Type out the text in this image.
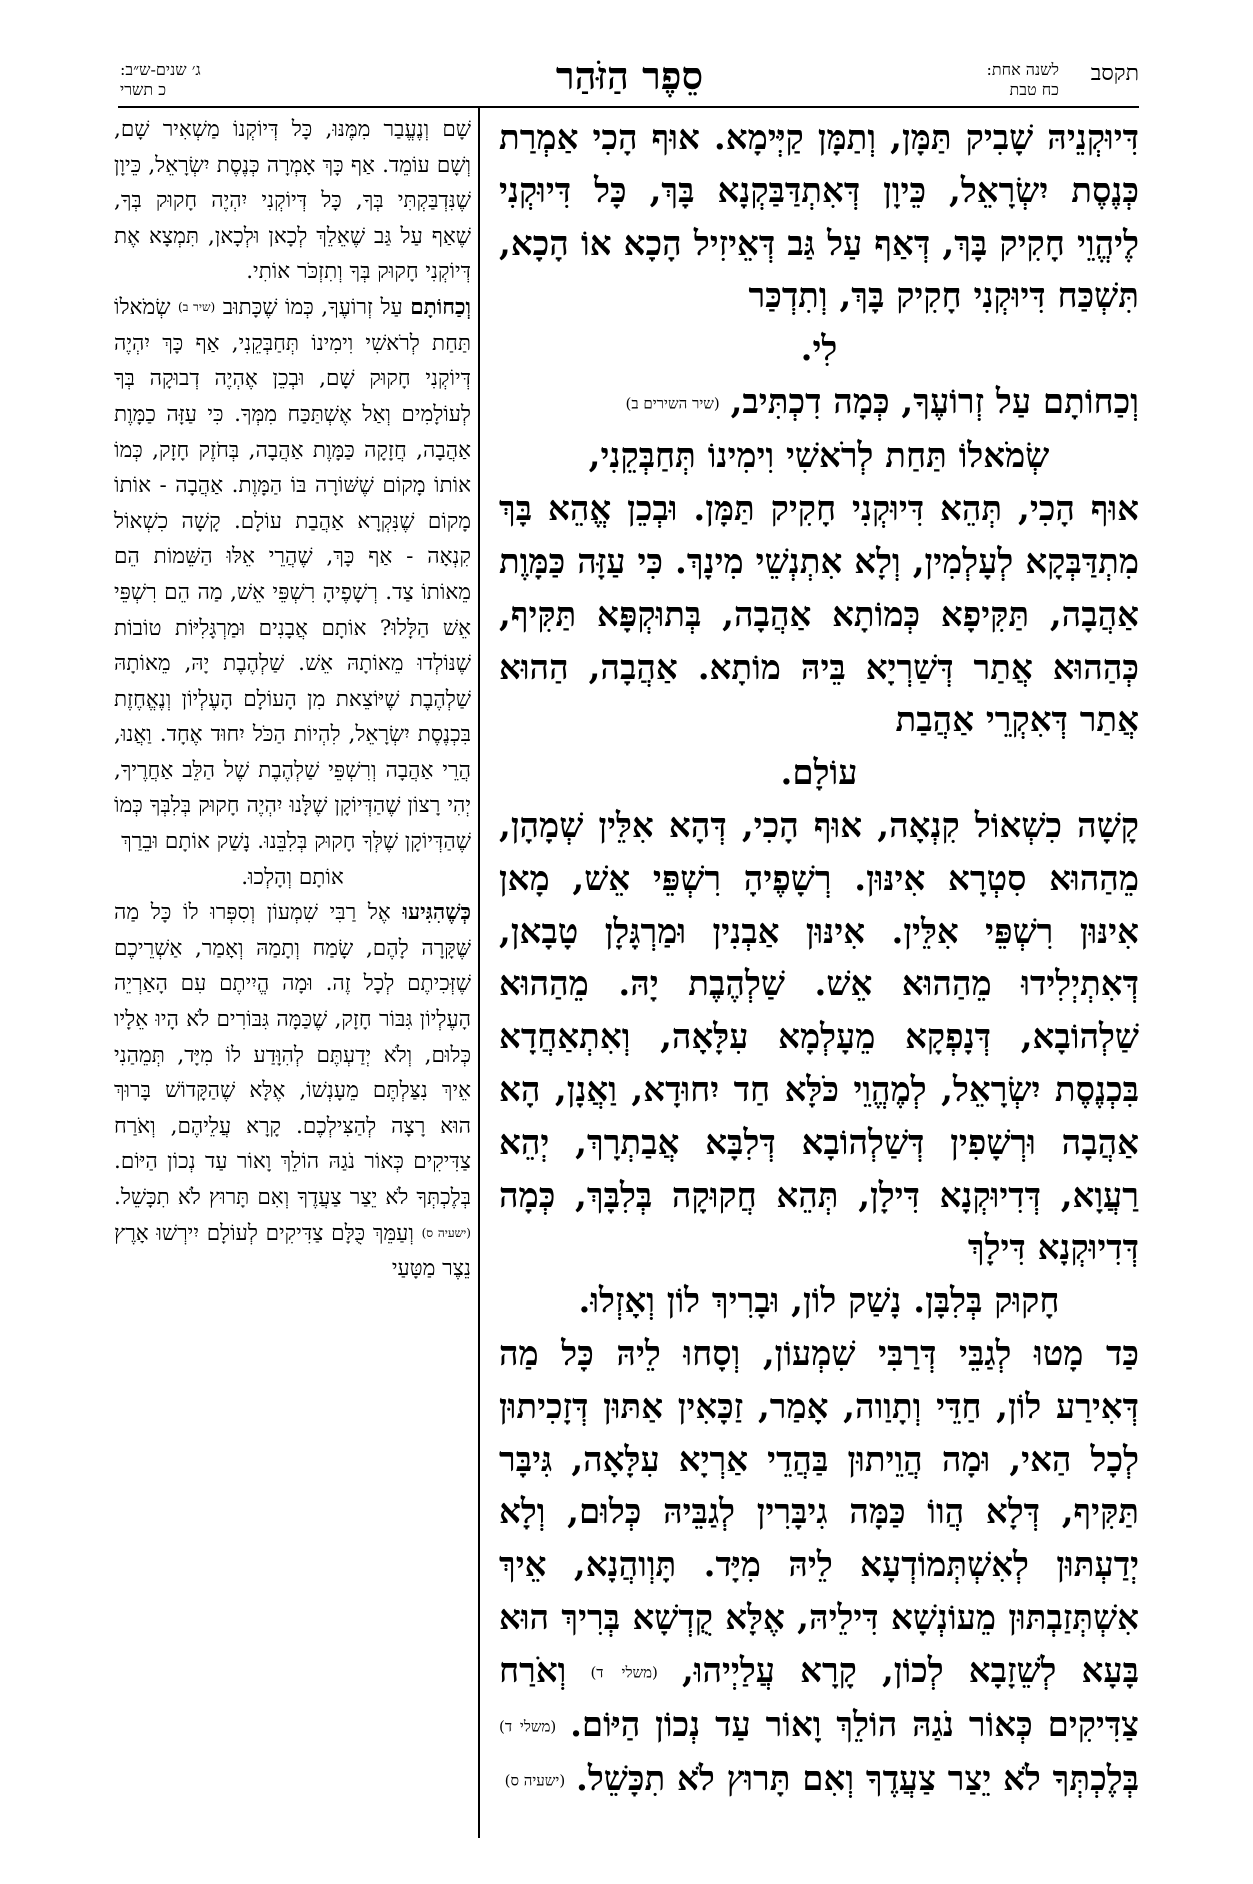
תקסב
לשנה אחת:
כח טבת
סֵפֶר הַזֹּהַר
ג׳ שנים-ש״ב:
כ תשרי

דִּיוּקְנֵיהּ שָׁבִיק תַּמָּן, וְתַמָּן קַיְּימָא. אוּף הָכִי אַמְרַת כְּנֶסֶת יִשְׂרָאֵל, כֵּיוָן דְּאִתְדַּבַּקְנָא בָּךְ, כָּל דִּיוּקְנִי לֶיהֱוֵי חָקִיק בָּךְ, דְּאַף עַל גַּב דְּאֵיזִיל הָכָא אוֹ הָכָא, תִּשְׁכַּח דִּיוּקְנִי חָקִיק בָּךְ, וְתִדְכַּר

לִי.

וְכַחוֹתָם עַל זְרוֹעֶךָ, כְּמָה דִכְתִּיב, (שיר השירים ב)

שְׂמֹאלוֹ תַּחַת לְרֹאשִׁי וִימִינוֹ תְּחַבְּקֵנִי,

אוּף הָכִי, תְּהֵא דִּיוּקְנִי חָקִיק תַּמָּן. וּבְכֵן אֱהֵא בָּךְ מִתְדַּבְּקָא לְעָלְמִין, וְלָא אִתְנְשֵׁי מִינָךְ. כִּי עַזָּה כַּמָּוֶת אַהֲבָה, תַּקִּיפָא כְּמוֹתָא אַהֲבָה, בְּתוּקְפָּא תַּקִּיף, כְּהַהוּא אֲתַר דְּשַׁרְיָא בֵּיהּ מוֹתָא. אַהֲבָה, הַהוּא אֲתַר דְּאִקְרֵי אַהֲבַת

עוֹלָם.

קָשָׁה כִשְׁאוֹל קִנְאָה, אוּף הָכִי, דְּהָא אִלֵּין שְׁמָהָן, מֵהַהוּא סִטְרָא אִינּוּן. רְשָׁפֶיהָ רִשְׁפֵּי אֵשׁ, מָאן אִינּוּן רִשְׁפֵּי אִלֵּין. אִינּוּן אַבְנִין וּמַרְגָּלָן טָבָאן, דְּאִתְיְלִידוּ מֵהַהוּא אֵשׁ. שַׁלְהֶבֶת יָהּ. מֵהַהוּא שַׁלְהוֹבָא, דְּנָפְקָא מֵעָלְמָא עִלָּאָה, וְאִתְאַחֲדָא בִּכְנֶסֶת יִשְׂרָאֵל, לְמֶהֱוֵי כֹּלָּא חַד יִחוּדָא, וַאֲנָן, הָא אַהֲבָה וּרְשָׁפִין דְּשַׁלְהוֹבָא דְּלִבָּא אֲבַתְרָךְ, יְהֵא רַעֲוָא, דְּדִיוּקְנָא דִּילָן, תְּהֵא חֲקוּקָה בְּלִבָּךְ, כְּמָה דְּדִיוּקְנָא דִּילָךְ

חָקוּק בְּלִבָּן. נָשַׁק לוֹן, וּבָרִיךְ לוֹן וְאָזְלוּ.

כַּד מָטוּ לְגַבֵּי דְּרַבִּי שִׁמְעוֹן, וְסָחוּ לֵיהּ כָּל מַה דְּאִירַע לוֹן, חַדֵּי וְתָוַוה, אָמַר, זַכָּאִין אַתּוּן דְּזָכִיתוּן לְכָל הַאי, וּמָה הֲוֵיתוּן בַּהֲדֵי אַרְיָא עִלָּאָה, גִּיבָּר תַּקִּיף, דְּלָא הֲווֹ כַּמָּה גִיבָּרִין לְגַבֵּיהּ כְּלוּם, וְלָא יְדַעְתּוּן לְאִשְׁתְּמוֹדְעָא לֵיהּ מִיָּד. תָּוְוהֲנָא, אֵיךְ אִשְׁתְּזַבְתּוּן מֵעוֹנְשָׁא דִּילֵיהּ, אֶלָּא קֻדְשָׁא בְּרִיךְ הוּא בָּעָא לְשֵׁזָבָא לְכוֹן, קָרָא עֲלַיְיהוּ, (משלי ד) וְאֹרַח צַדִּיקִים כְּאוֹר נֹגַהּ הוֹלֵךְ וָאוֹר עַד נְכוֹן הַיּוֹם. (משלי ד) בְּלֶכְתְּךָ לֹא יֵצַר צַעֲדֶךָ וְאִם תָּרוּץ לֹא תִכָּשֵׁל. (ישעיה ס)

שָׁם וְנֶעֱבַר מִמֶּנּוּ, כָּל דְּיוֹקְנוֹ מַשְׁאִיר שָׁם, וְשָׁם עוֹמֵד. אַף כָּךְ אָמְרָה כְּנֶסֶת יִשְׂרָאֵל, כֵּיוָן שֶׁנִּדְבַּקְתִּי בְּךָ, כָּל דְּיוֹקְנִי יִהְיֶה חָקוּק בְּךָ, שֶׁאַף עַל גַּב שֶׁאֵלֵךְ לְכָאן וּלְכָאן, תִּמְצָא אֶת דְּיוֹקְנִי חָקוּק בְּךָ וְתִזְכֹּר אוֹתִי.

וְכַחוֹתָם עַל זְרוֹעֶךָ, כְּמוֹ שֶׁכָּתוּב (שיר ב) שְׂמֹאלוֹ תַּחַת לְרֹאשִׁי וִימִינוֹ תְּחַבְּקֵנִי, אַף כָּךְ יִהְיֶה דְּיוֹקְנִי חָקוּק שָׁם, וּבְכֵן אֶהְיֶה דְבוּקָה בְּךָ לְעוֹלָמִים וְאַל אֶשְׁתַּכַּח מִמְּךָ. כִּי עַזָּה כַמָּוֶת אַהֲבָה, חֲזָקָה כַּמָּוֶת אַהֲבָה, בְּחֹזֶק חָזָק, כְּמוֹ אוֹתוֹ מָקוֹם שֶׁשּׁוֹרָה בּוֹ הַמָּוֶת. אַהֲבָה - אוֹתוֹ מָקוֹם שֶׁנִּקְרָא אַהֲבַת עוֹלָם. קָשָׁה כִשְׁאוֹל קִנְאָה - אַף כָּךְ, שֶׁהֲרֵי אֵלּוּ הַשֵּׁמוֹת הֵם מֵאוֹתוֹ צַד. רְשָׁפֶיהָ רִשְׁפֵּי אֵשׁ, מַה הֵם רִשְׁפֵּי אֵשׁ הַלָּלוּ? אוֹתָם אֲבָנִים וּמַרְגָּלִיּוֹת טוֹבוֹת שֶׁנּוֹלְדוּ מֵאוֹתָהּ אֵשׁ. שַׁלְהֶבֶת יָהּ, מֵאוֹתָהּ שַׁלְהֶבֶת שֶׁיּוֹצֵאת מִן הָעוֹלָם הָעֶלְיוֹן וְנֶאֱחֶזֶת בִּכְנֶסֶת יִשְׂרָאֵל, לִהְיוֹת הַכֹּל יִחוּד אֶחָד. וַאֲנוּ, הֲרֵי אַהֲבָה וְרִשְׁפֵּי שַׁלְהֶבֶת שֶׁל הַלֵּב אַחֲרֶיךָ, יְהִי רָצוֹן שֶׁהַדְּיוֹקָן שֶׁלָּנוּ יִהְיֶה חָקוּק בְּלִבְּךָ כְּמוֹ שֶׁהַדְּיוֹקָן שֶׁלְּךָ חָקוּק בְּלִבֵּנוּ. נָשַׁק אוֹתָם וּבֵרַךְ

אוֹתָם וְהָלְכוּ.

כְּשֶׁהִגִּיעוּ אֶל רַבִּי שִׁמְעוֹן וְסִפְּרוּ לוֹ כָּל מַה שֶּׁקָּרָה לָהֶם, שָׂמַח וְתָמַהּ וְאָמַר, אַשְׁרֵיכֶם שֶׁזְּכִיתֶם לְכָל זֶה. וּמָה הֱיִיתֶם עִם הָאַרְיֵה הָעֶלְיוֹן גִּבּוֹר חָזָק, שֶׁכַּמָּה גִּבּוֹרִים לֹא הָיוּ אֵלָיו כְּלוּם, וְלֹא יְדַעְתֶּם לְהִוָּדַע לוֹ מִיָּד, תְּמֵהַנִי אֵיךְ נִצַּלְתֶּם מֵעָנְשׁוֹ, אֶלָּא שֶׁהַקָּדוֹשׁ בָּרוּךְ הוּא רָצָה לְהַצִּילְכֶם. קָרָא עֲלֵיהֶם, וְאֹרַח צַדִּיקִים כְּאוֹר נֹגַהּ הוֹלֵךְ וָאוֹר עַד נְכוֹן הַיּוֹם. בְּלֶכְתְּךָ לֹא יֵצַר צַעֲדֶךָ וְאִם תָּרוּץ לֹא תִכָּשֵׁל. (ישעיה ס) וְעַמֵּךְ כֻּלָּם צַדִּיקִים לְעוֹלָם יִירְשׁוּ אָרֶץ נֵצֶר מַטָּעַי
